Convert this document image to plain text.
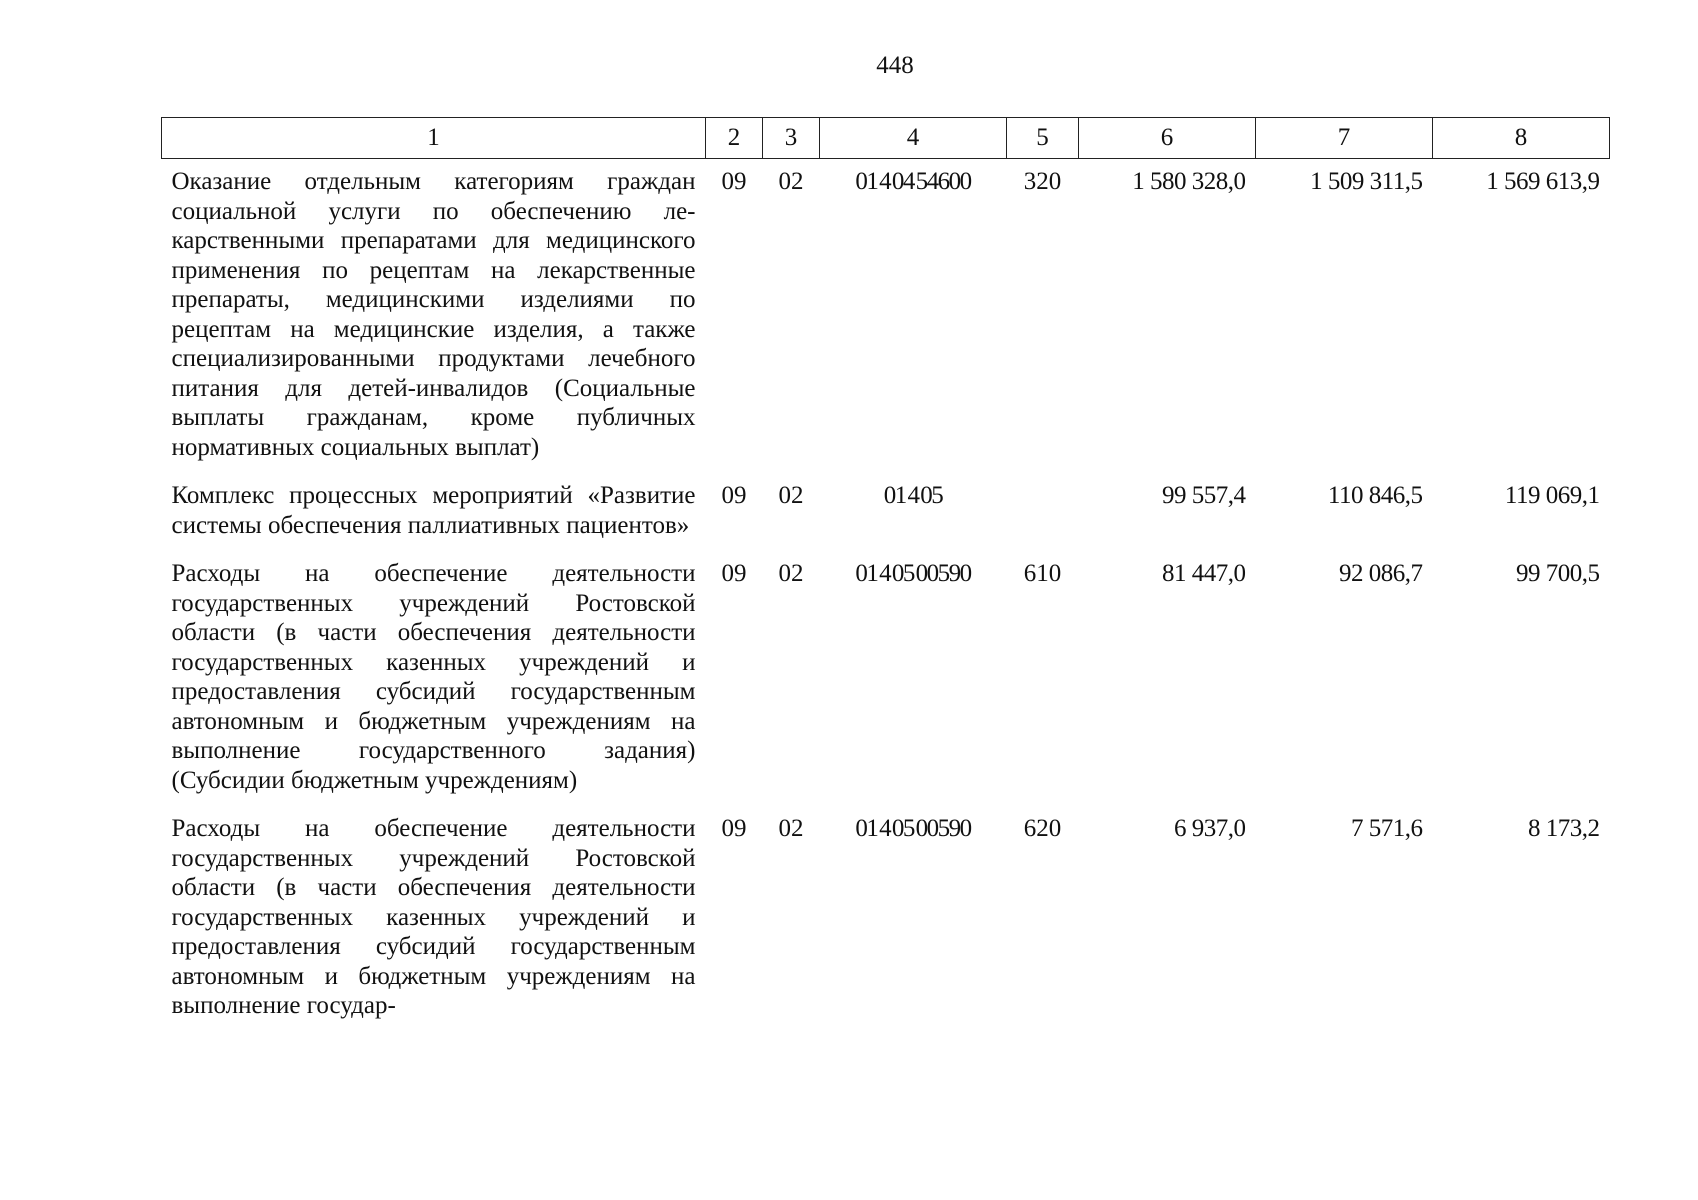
448
1	2	3	4	5	6	7	8
Оказание отдельным категориям граждан социальной услуги по обеспечению лекарственными препаратами для медицинского применения по рецептам на лекарственные препараты, медицинскими изделиями по рецептам на медицинские изделия, а также специализированными продуктами лечебного питания для детей-инвалидов (Социальные выплаты гражданам, кроме публичных нормативных социальных выплат)	09	02	01 4 04 54600	320	1 580 328,0	1 509 311,5	1 569 613,9
Комплекс процессных мероприятий «Развитие системы обеспечения паллиативных пациентов»	09	02	01 4 05		99 557,4	110 846,5	119 069,1
Расходы на обеспечение деятельности государственных учреждений Ростовской области (в части обеспечения деятельности государственных казенных учреждений и предоставления субсидий государственным автономным и бюджетным учреждениям на выполнение государственного задания) (Субсидии бюджетным учреждениям)	09	02	01 4 05 00590	610	81 447,0	92 086,7	99 700,5
Расходы на обеспечение деятельности государственных учреждений Ростовской области (в части обеспечения деятельности государственных казенных учреждений и предоставления субсидий государственным автономным и бюджетным учреждениям на выполнение государ-	09	02	01 4 05 00590	620	6 937,0	7 571,6	8 173,2
